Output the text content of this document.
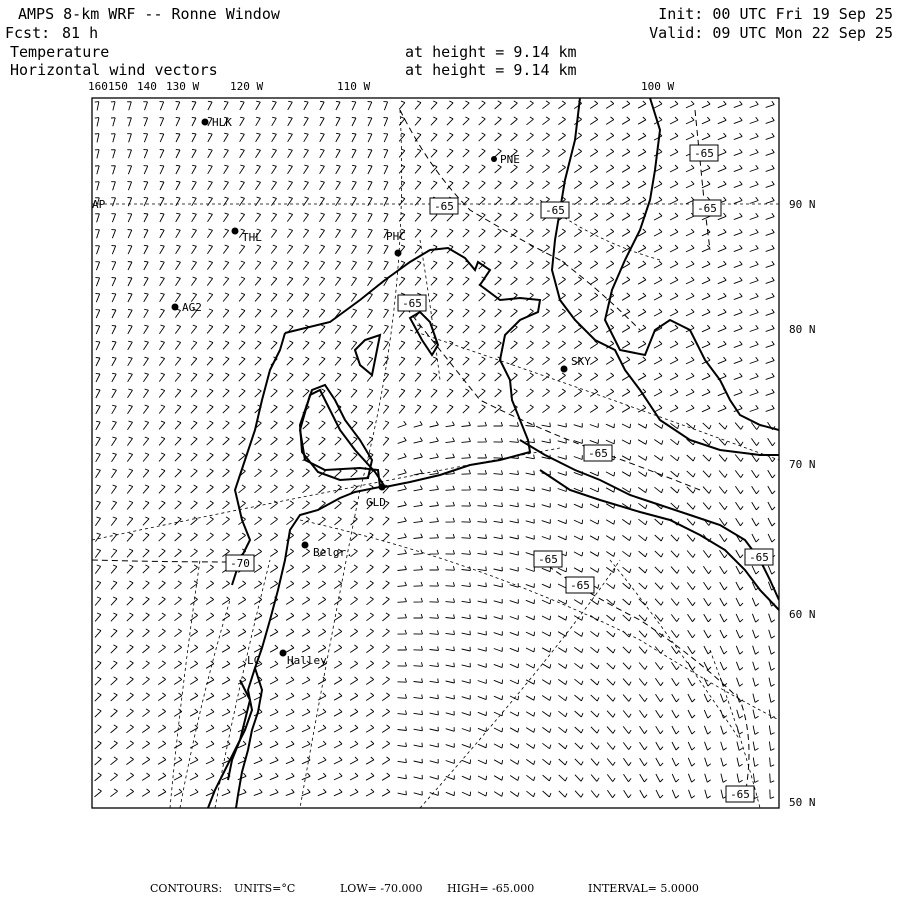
AMPS 8-km WRF -- Ronne Window	Init: 00 UTC Fri 19 Sep 25
Fcst: 81 h	Valid: 09 UTC Mon 22 Sep 25
Temperature	at height = 9.14 km
Horizontal wind vectors	at height = 9.14 km
-65
-65	-65	-65
-65
-65
-65
-65
-65
-65
-70
HLK
PNE
THL	PHC
AG2
SKY
GLD
Belgr.
Halley
LC
160 150 140 130 W	120 W	110 W	100 W
90 N
80 N
70 N
60 N
50 N
AP
CONTOURS: UNITS=°C	LOW= -70.000 HIGH= -65.000	INTERVAL= 5.0000
